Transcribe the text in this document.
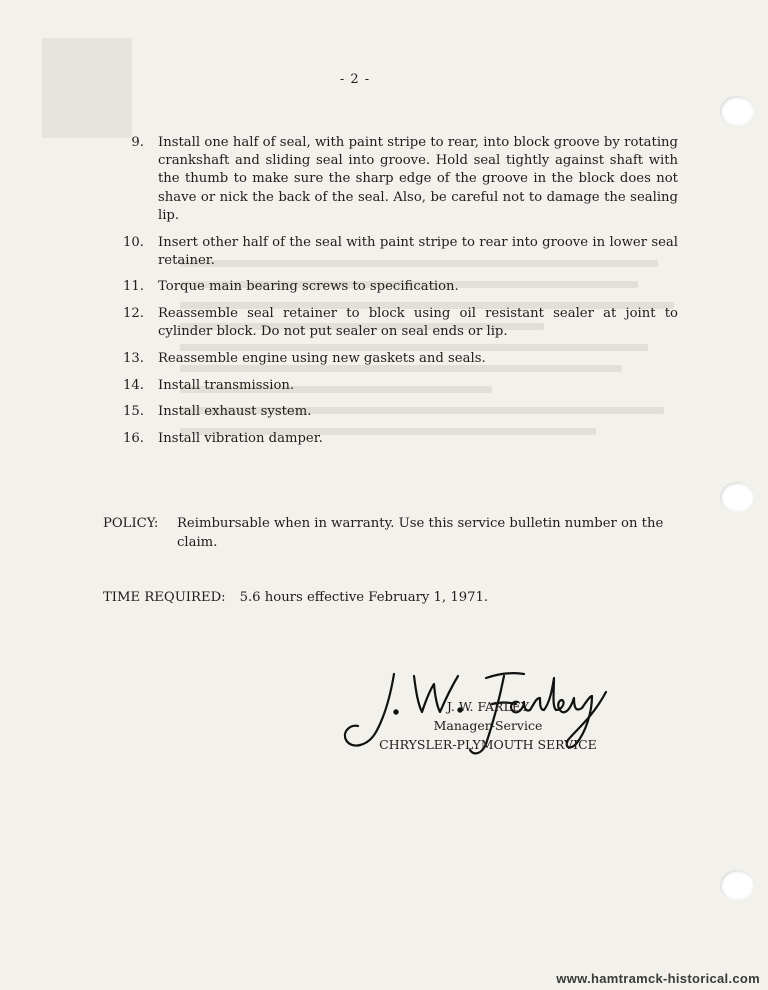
- 2 -
9.	Install one half of seal, with paint stripe to rear, into block groove by rotating crankshaft and sliding seal into groove. Hold seal tightly against shaft with the thumb to make sure the sharp edge of the groove in the block does not shave or nick the back of the seal. Also, be careful not to damage the sealing lip.
10.	Insert other half of the seal with paint stripe to rear into groove in lower seal retainer.
11.	Torque main bearing screws to specification.
12.	Reassemble seal retainer to block using oil resistant sealer at joint to cylinder block. Do not put sealer on seal ends or lip.
13.	Reassemble engine using new gaskets and seals.
14.	Install transmission.
15.	Install exhaust system.
16.	Install vibration damper.
POLICY:	Reimbursable when in warranty. Use this service bulletin number on the claim.
TIME REQUIRED: 5.6 hours effective February 1, 1971.
J. W. FARLEY
Manager-Service
CHRYSLER-PLYMOUTH SERVICE
www.hamtramck-historical.com
